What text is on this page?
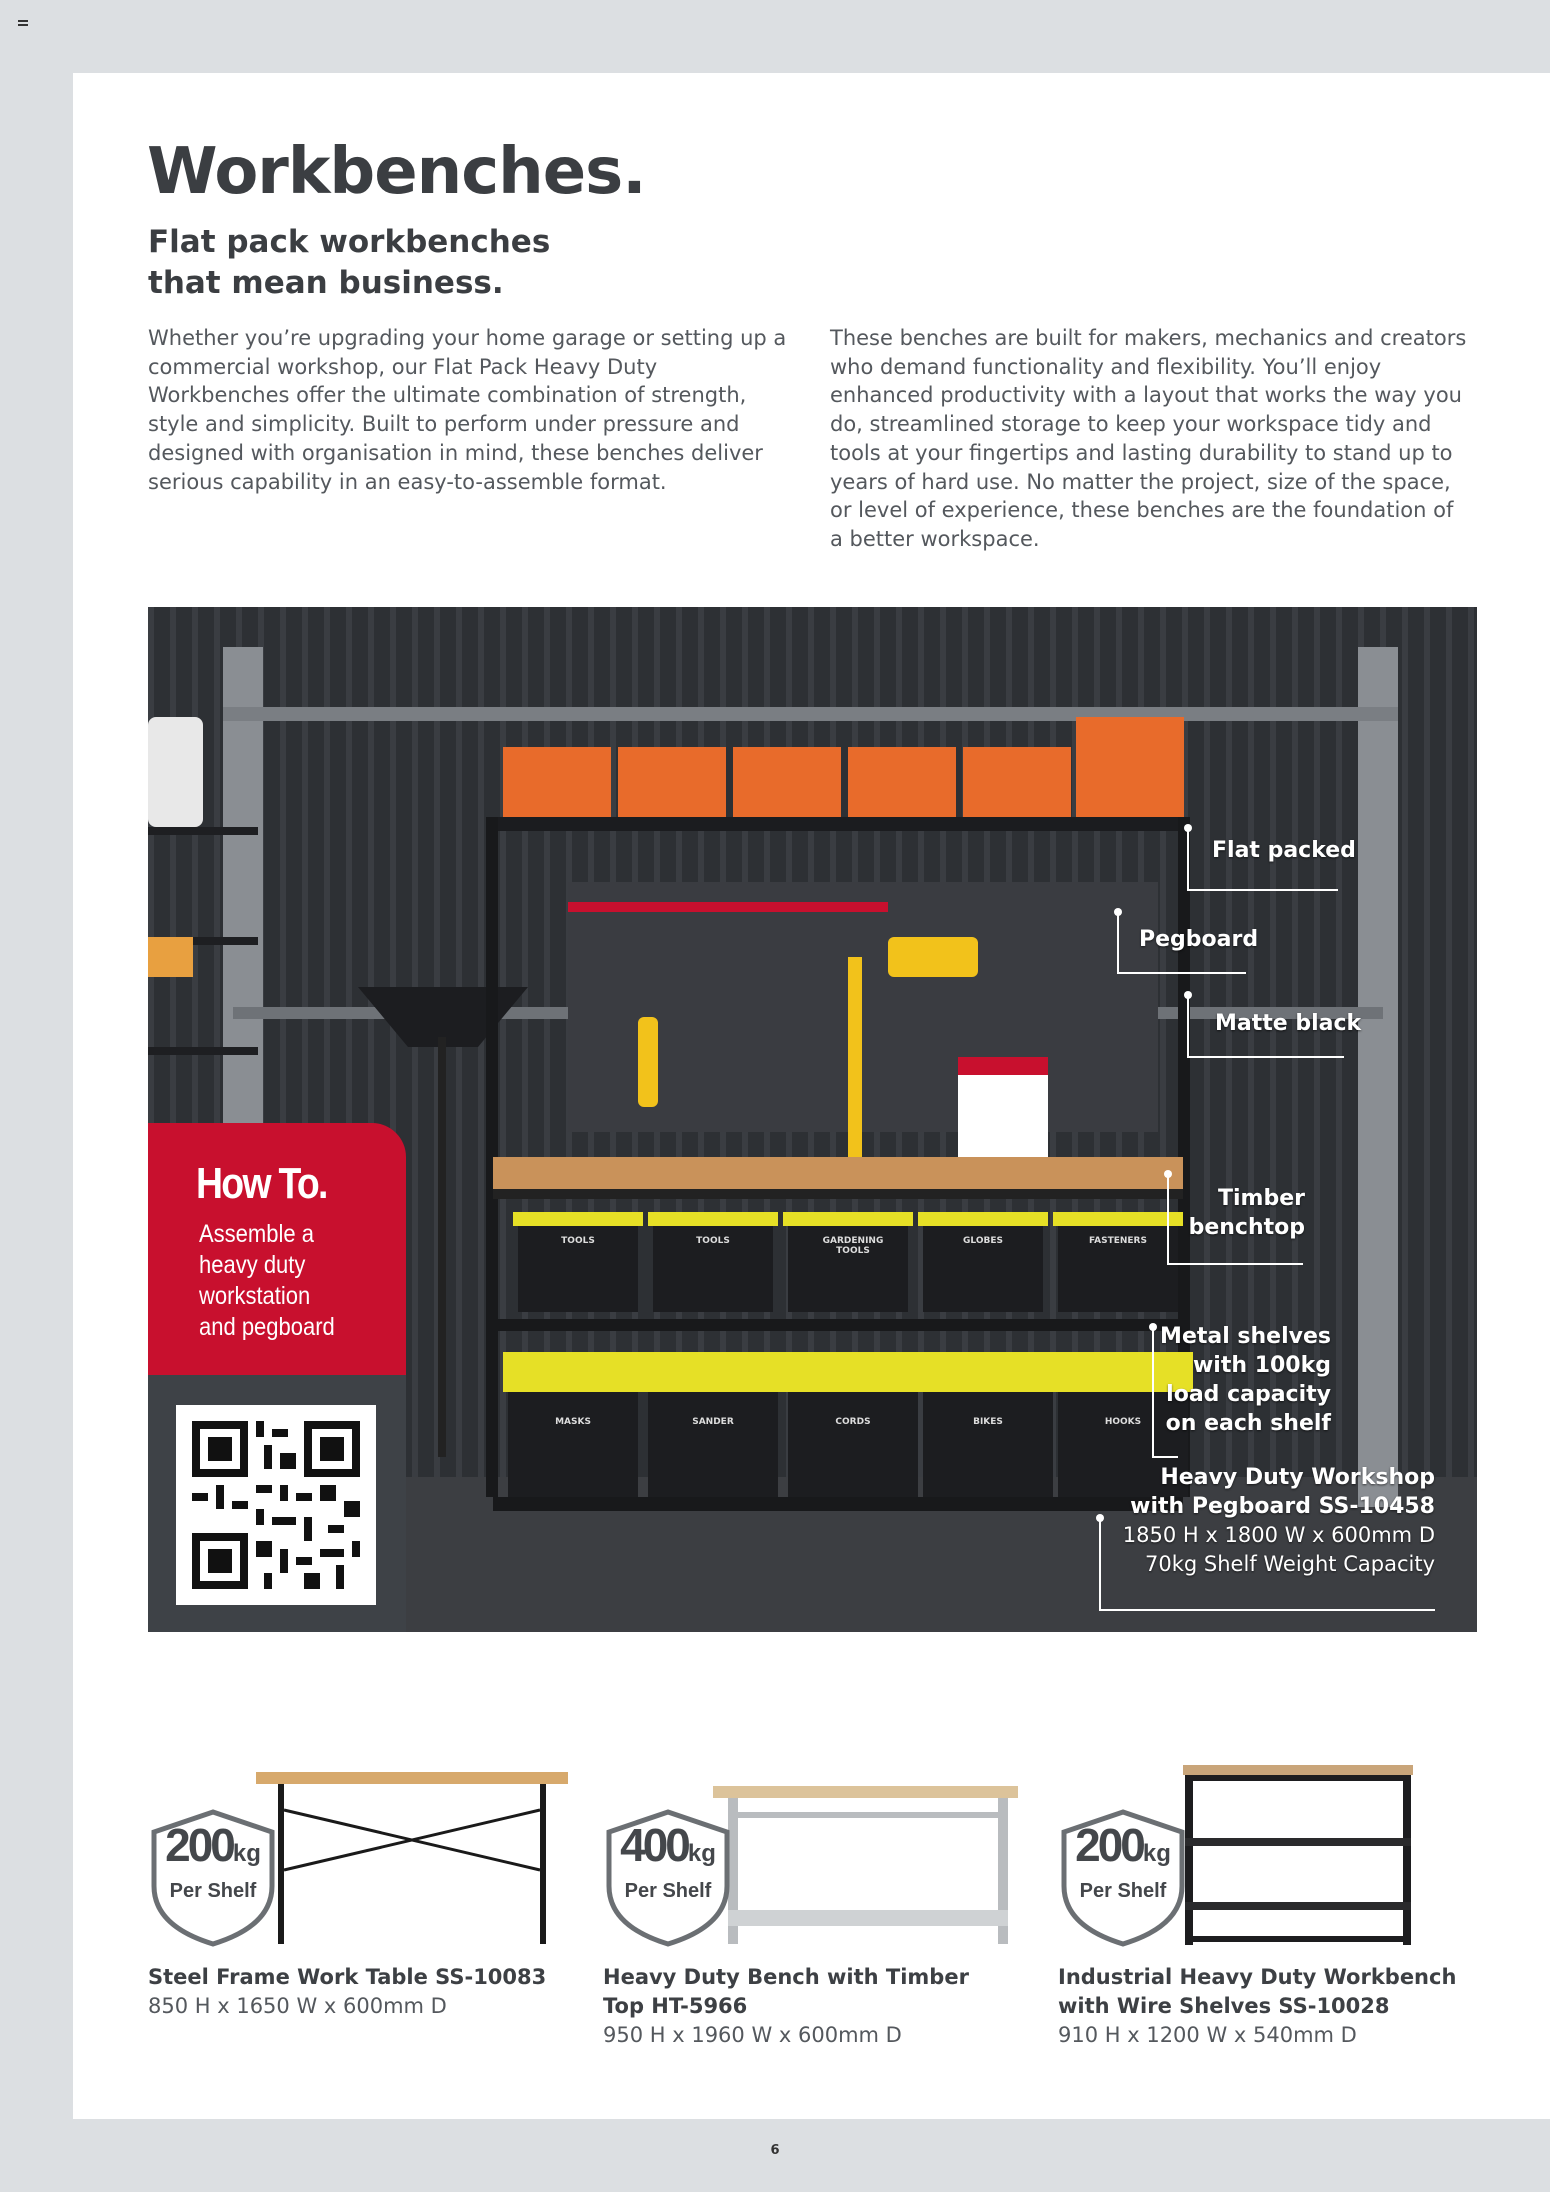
Workbenches.
Flat pack workbenches that mean business.

Whether you’re upgrading your home garage or setting up a commercial workshop, our Flat Pack Heavy Duty Workbenches offer the ultimate combination of strength, style and simplicity. Built to perform under pressure and designed with organisation in mind, these benches deliver serious capability in an easy-to-assemble format.

These benches are built for makers, mechanics and creators who demand functionality and flexibility. You’ll enjoy enhanced productivity with a layout that works the way you do, streamlined storage to keep your workspace tidy and tools at your fingertips and lasting durability to stand up to years of hard use. No matter the project, size of the space, or level of experience, these benches are the foundation of a better workspace.

TOOLS	TOOLS	GARDENING TOOLS
GLOBES	FASTENERS
MASKS	SANDER	CORDS	BIKES	HOOKS
Flat packed
Pegboard
Matte black
Timber
benchtop
Metal shelves
with 100kg
load capacity
on each shelf
Heavy Duty Workshop
with Pegboard SS-10458
1850 H x 1800 W x 600mm D
70kg Shelf Weight Capacity
How To.
Assemble a
heavy duty
workstation
and pegboard
200kg
Per Shelf
Steel Frame Work Table SS-10083
850 H x 1650 W x 600mm D
400kg
Per Shelf
Heavy Duty Bench with Timber Top HT-5966
950 H x 1960 W x 600mm D
200kg
Per Shelf
Industrial Heavy Duty Workbench with Wire Shelves SS-10028
910 H x 1200 W x 540mm D
6
